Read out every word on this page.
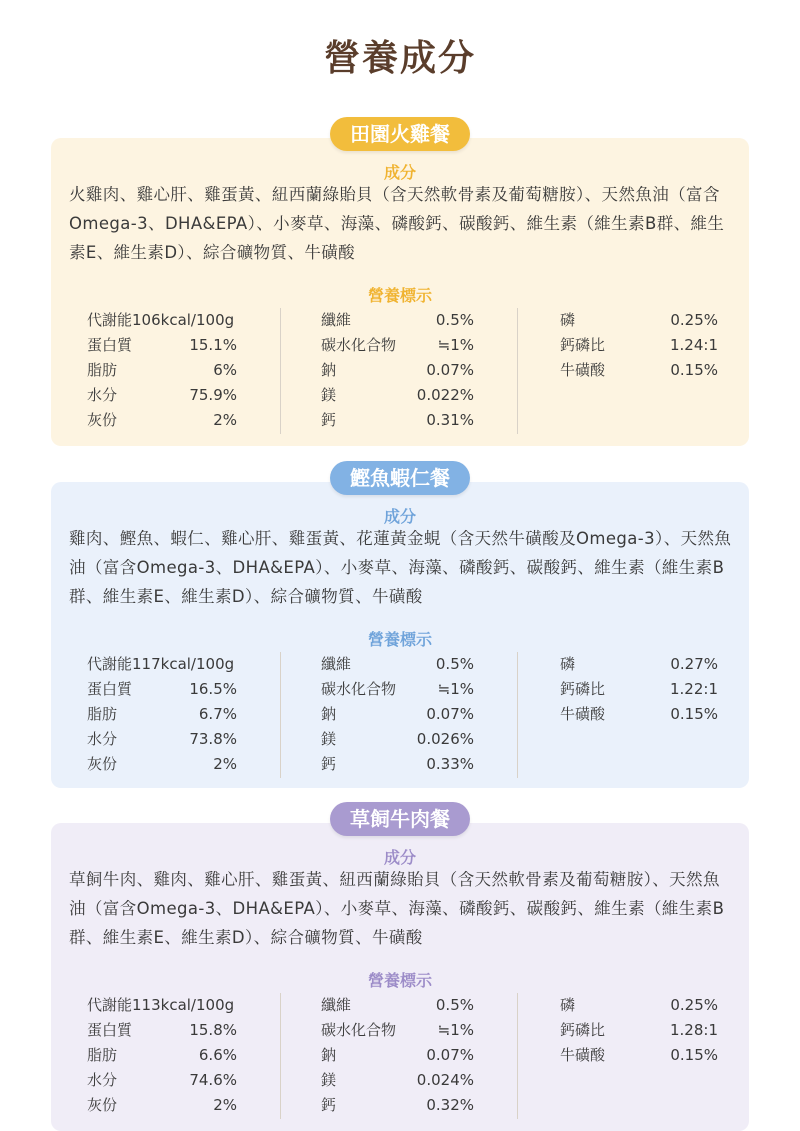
營養成分
成分
火雞肉、雞心肝、雞蛋黃、紐西蘭綠貽貝（含天然軟骨素及葡萄糖胺）、天然魚油（富含Omega-3、DHA&EPA）、小麥草、海藻、磷酸鈣、碳酸鈣、維生素（維生素B群、維生素E、維生素D）、綜合礦物質、牛磺酸
營養標示
代謝能106kcal/100g
蛋白質	15.1%
脂肪	6%
水分	75.9%
灰份	2%
纖維	0.5%
碳水化合物	≒1%
鈉	0.07%
鎂	0.022%
鈣	0.31%
磷	0.25%
鈣磷比	1.24:1
牛磺酸	0.15%
田園火雞餐
成分
雞肉、鰹魚、蝦仁、雞心肝、雞蛋黃、花蓮黃金蜆（含天然牛磺酸及Omega-3）、天然魚油（富含Omega-3、DHA&EPA）、小麥草、海藻、磷酸鈣、碳酸鈣、維生素（維生素B群、維生素E、維生素D）、綜合礦物質、牛磺酸
營養標示
代謝能117kcal/100g
蛋白質	16.5%
脂肪	6.7%
水分	73.8%
灰份	2%
纖維	0.5%
碳水化合物	≒1%
鈉	0.07%
鎂	0.026%
鈣	0.33%
磷	0.27%
鈣磷比	1.22:1
牛磺酸	0.15%
鰹魚蝦仁餐
成分
草飼牛肉、雞肉、雞心肝、雞蛋黃、紐西蘭綠貽貝（含天然軟骨素及葡萄糖胺）、天然魚油（富含Omega-3、DHA&EPA）、小麥草、海藻、磷酸鈣、碳酸鈣、維生素（維生素B群、維生素E、維生素D）、綜合礦物質、牛磺酸
營養標示
代謝能113kcal/100g
蛋白質	15.8%
脂肪	6.6%
水分	74.6%
灰份	2%
纖維	0.5%
碳水化合物	≒1%
鈉	0.07%
鎂	0.024%
鈣	0.32%
磷	0.25%
鈣磷比	1.28:1
牛磺酸	0.15%
草飼牛肉餐
